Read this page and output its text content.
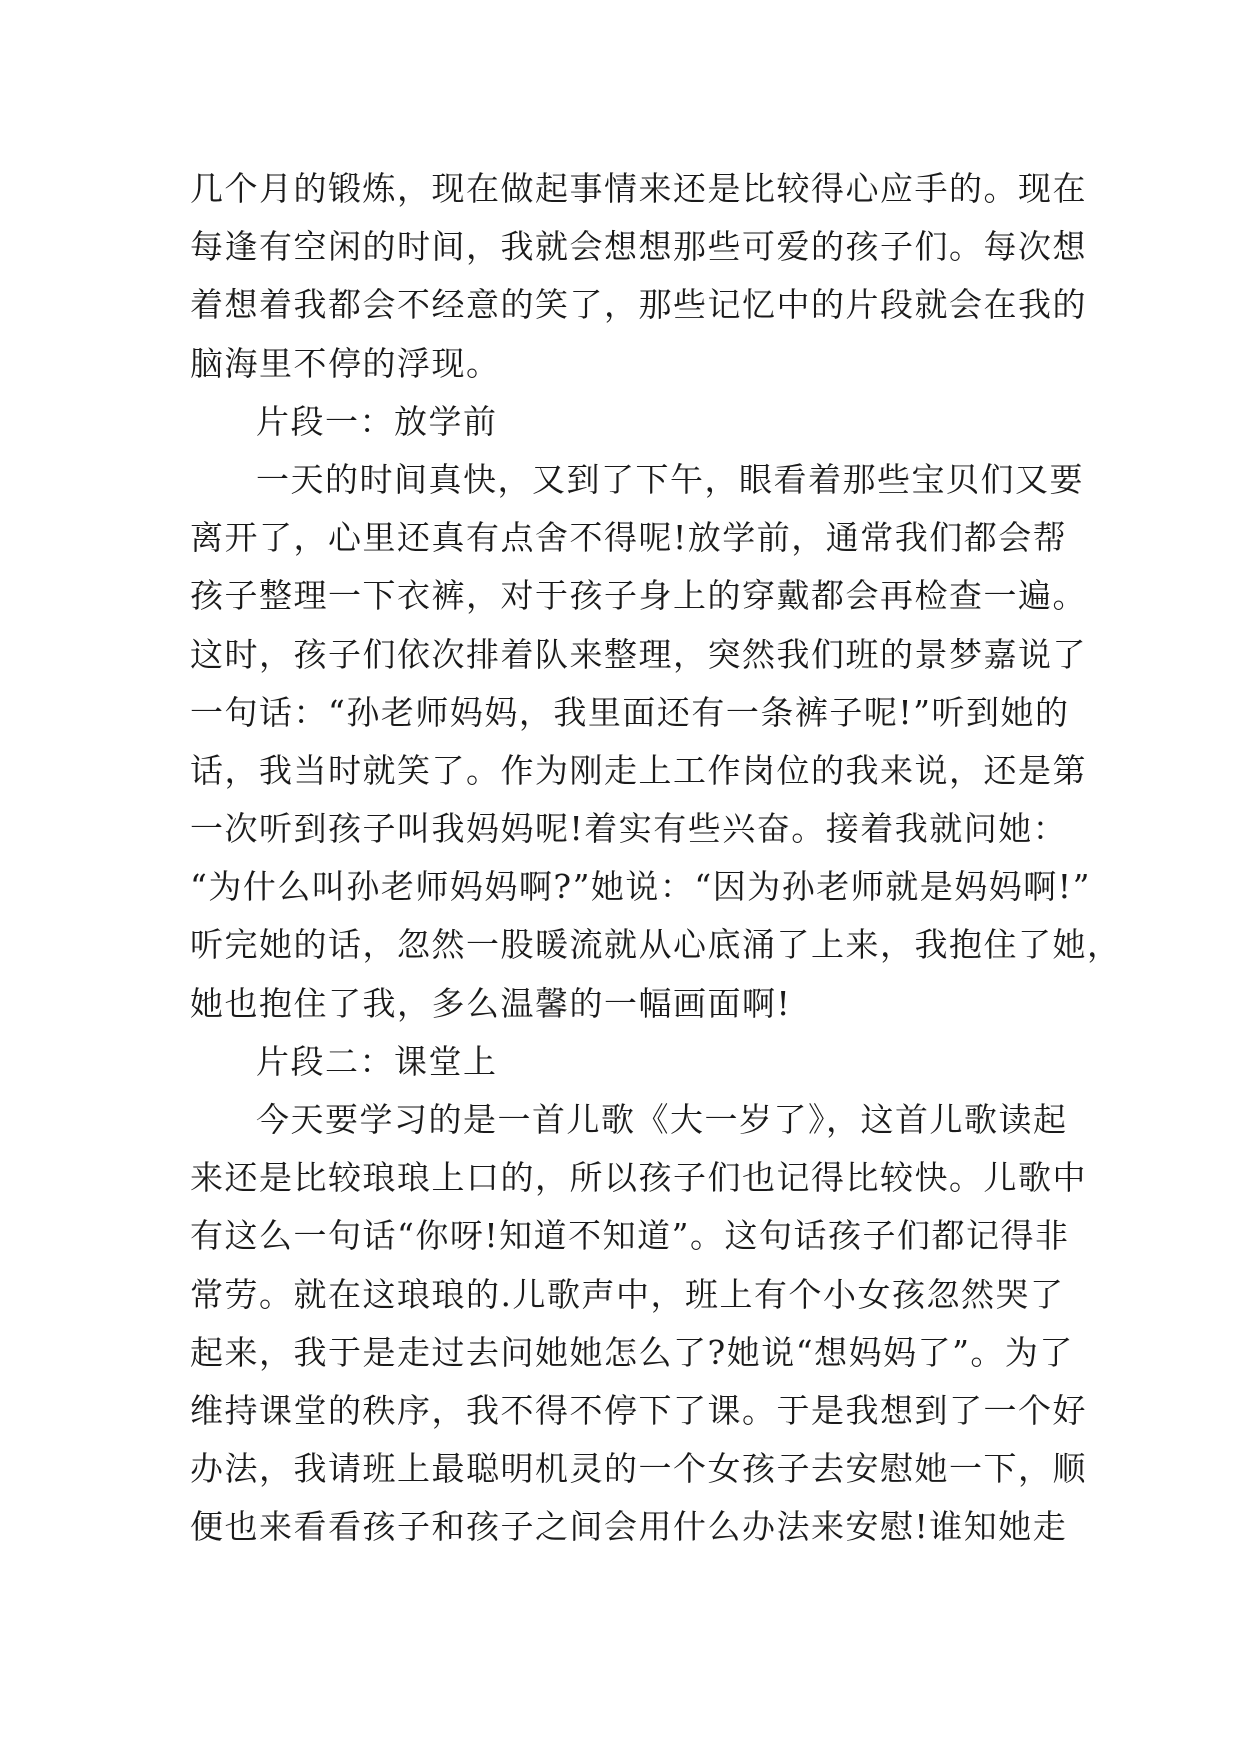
几个月的锻炼，现在做起事情来还是比较得心应手的。现在
每逢有空闲的时间，我就会想想那些可爱的孩子们。每次想
着想着我都会不经意的笑了，那些记忆中的片段就会在我的
脑海里不停的浮现。
片段一：放学前
一天的时间真快，又到了下午，眼看着那些宝贝们又要
离开了，心里还真有点舍不得呢!放学前，通常我们都会帮
孩子整理一下衣裤，对于孩子身上的穿戴都会再检查一遍。
这时，孩子们依次排着队来整理，突然我们班的景梦嘉说了
一句话：“孙老师妈妈，我里面还有一条裤子呢!”听到她的
话，我当时就笑了。作为刚走上工作岗位的我来说，还是第
一次听到孩子叫我妈妈呢!着实有些兴奋。接着我就问她：
“为什么叫孙老师妈妈啊?”她说：“因为孙老师就是妈妈啊!”
听完她的话，忽然一股暖流就从心底涌了上来，我抱住了她，
她也抱住了我，多么温馨的一幅画面啊!
片段二：课堂上
今天要学习的是一首儿歌《大一岁了》，这首儿歌读起
来还是比较琅琅上口的，所以孩子们也记得比较快。儿歌中
有这么一句话“你呀!知道不知道”。这句话孩子们都记得非
常劳。就在这琅琅的.儿歌声中，班上有个小女孩忽然哭了
起来，我于是走过去问她她怎么了?她说“想妈妈了”。为了
维持课堂的秩序，我不得不停下了课。于是我想到了一个好
办法，我请班上最聪明机灵的一个女孩子去安慰她一下，顺
便也来看看孩子和孩子之间会用什么办法来安慰!谁知她走
